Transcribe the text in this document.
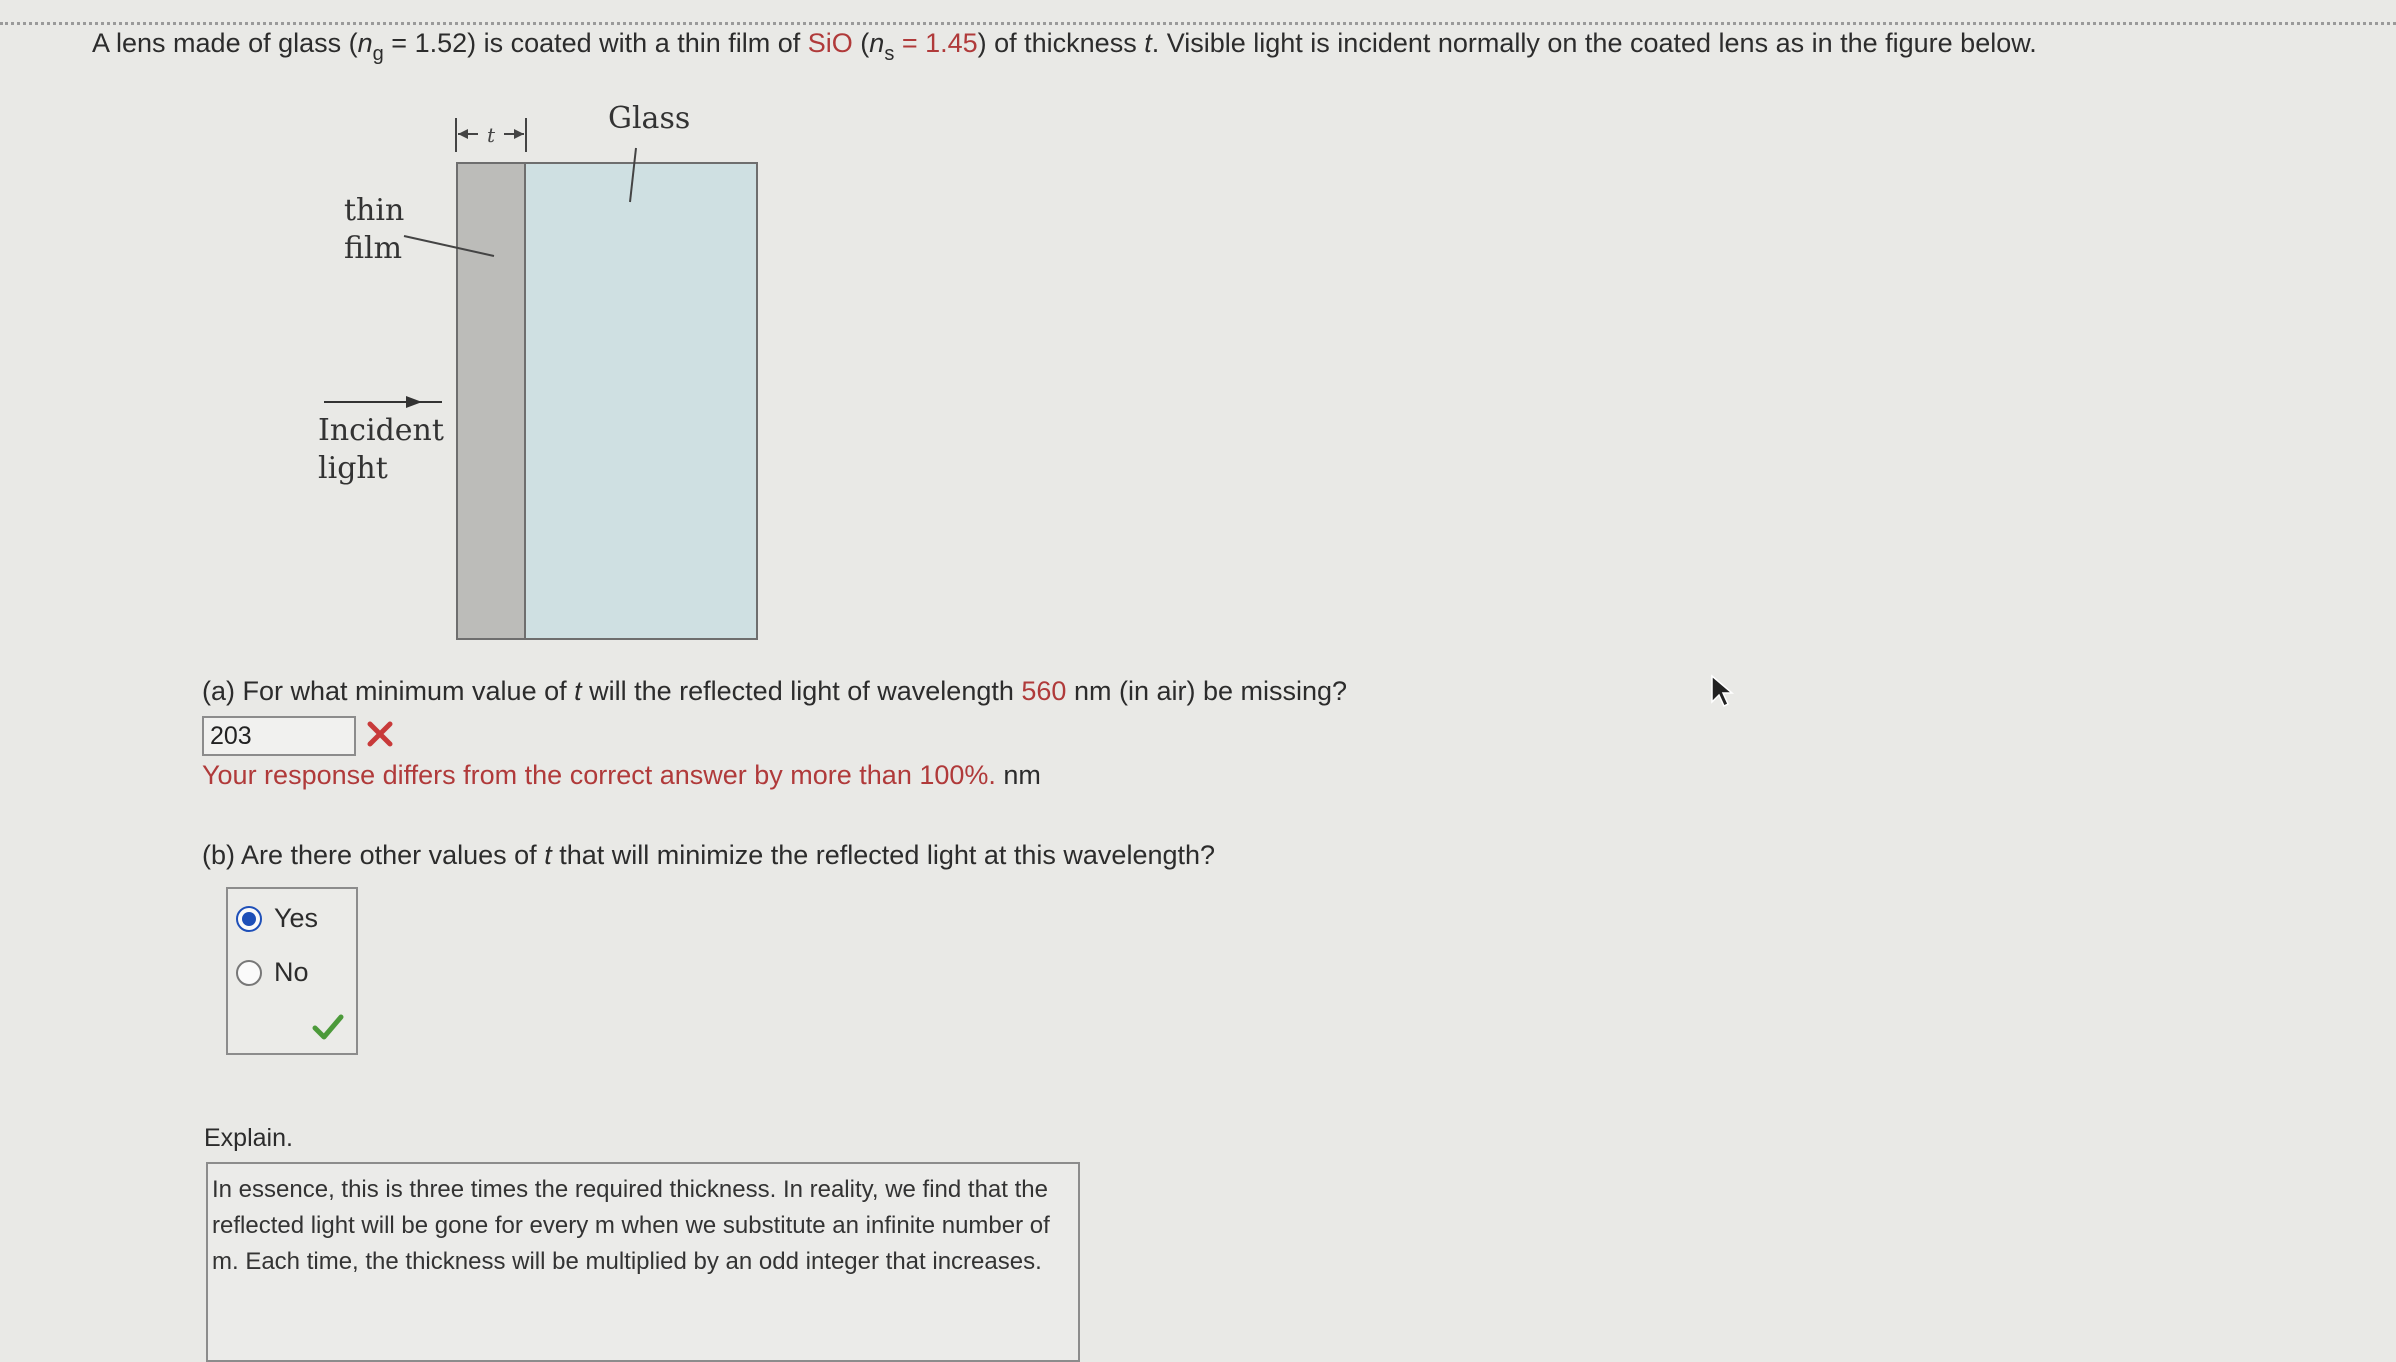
A lens made of glass $(n_g = 1.52)$ is coated with a thin film of SiO $(n_s = 1.45)$ of thickness t. Visible light is incident normally on the coated lens as in the figure below.
Glass
thin
film
Incident
light
t
(a) For what minimum value of t will the reflected light of wavelength 560 nm (in air) be missing?
203
Your response differs from the correct answer by more than 100%. nm
(b) Are there other values of t that will minimize the reflected light at this wavelength?
Yes
No
Explain.
In essence, this is three times the required thickness. In reality, we find that the reflected light will be gone for every m when we substitute an infinite number of m. Each time, the thickness will be multiplied by an odd integer that increases.
